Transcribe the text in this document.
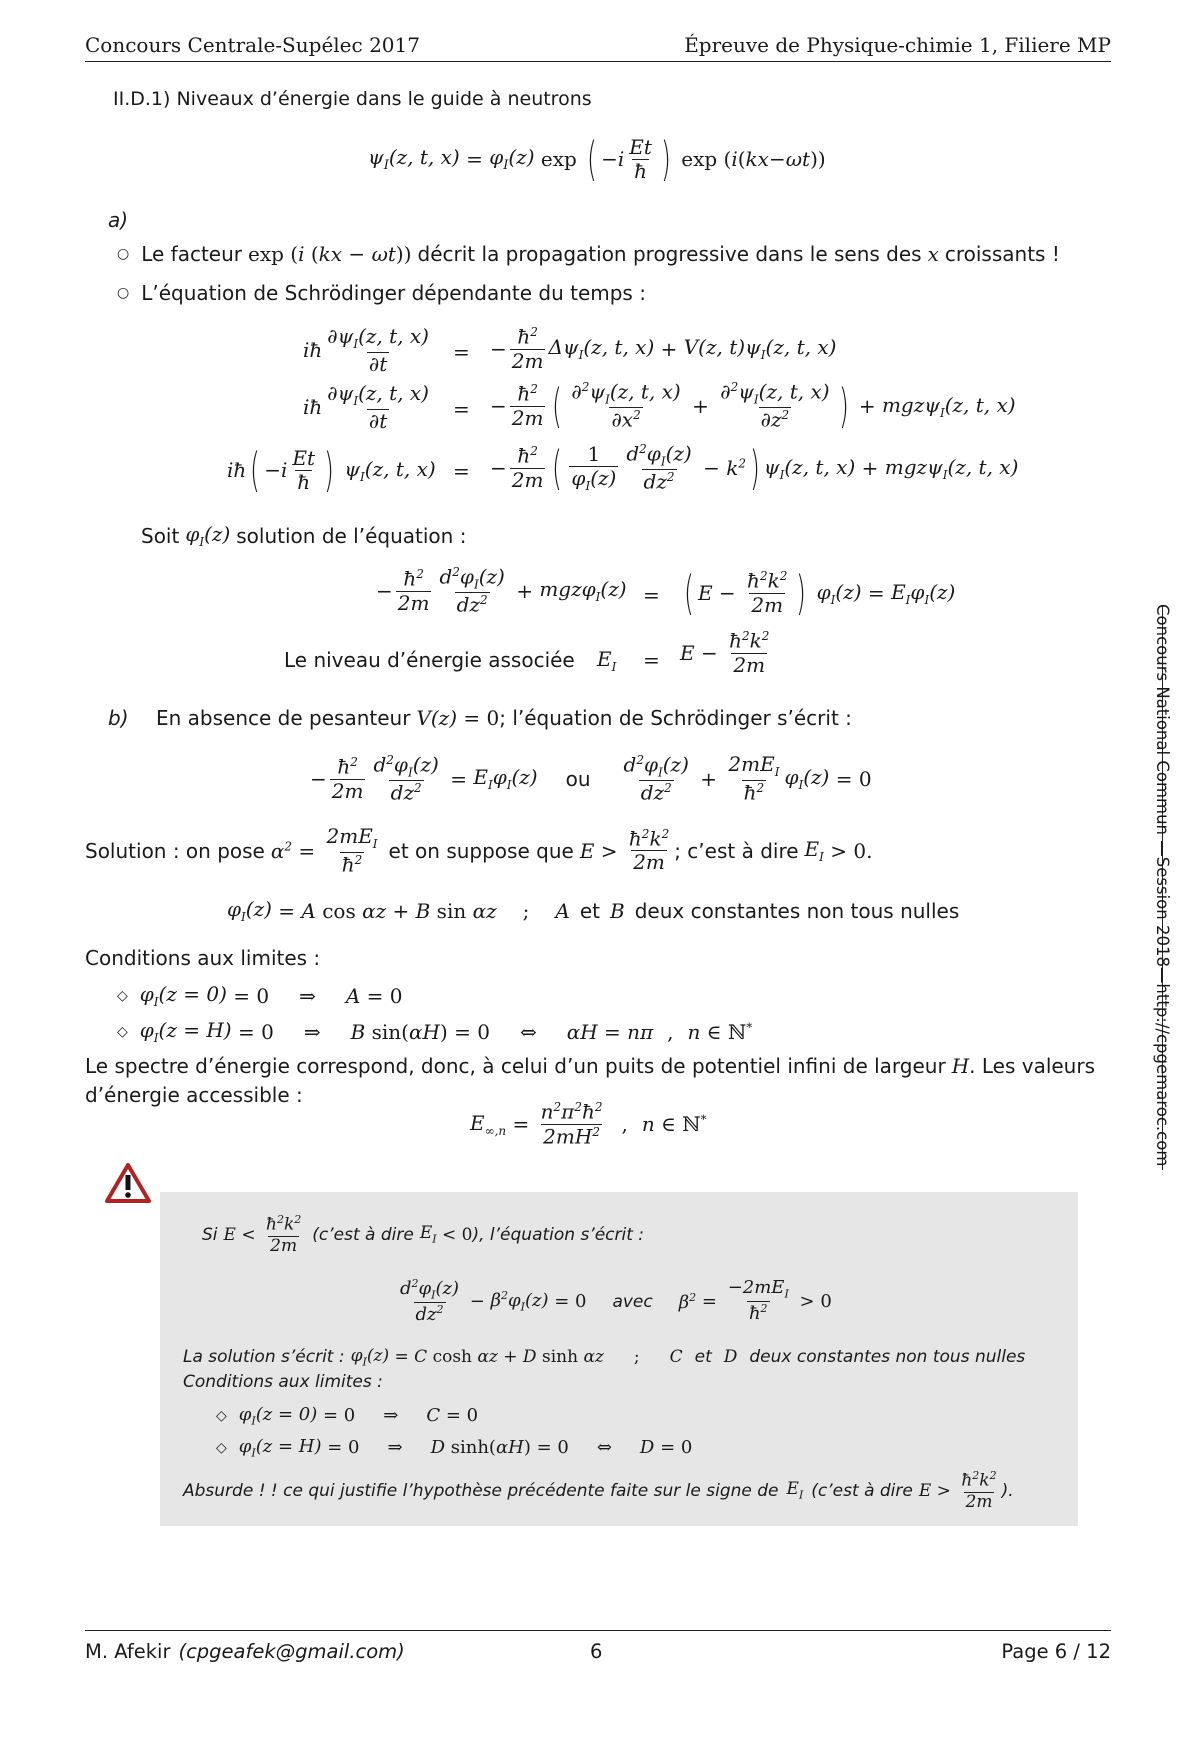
Concours Centrale-Supélec 2017	Épreuve de Physique-chimie 1, Filiere MP
II.D.1) Niveaux d’énergie dans le guide à neutrons
$\psi_I(z$, t, $x) = \varphi_I(z)$ exp ( − i
Et
ħ ) exp ( i ( kx − ωt ))
a)
○ Le facteur exp (i (kx − ωt)) décrit la propagation progressive dans le sens des x croissants !
○ L’équation de Schrödinger dépendante du temps :
iħ
$\partial\psi_I(z$, t, x)
∂t	= − $\frac{ħ^2}{2m} \Delta\psi_I(z$, t, x) + V(z, $t)\psi_I(z$, t, x)
iħ
$\partial\psi_I(z$, t, x)
∂t	= − $\frac{ħ^2}{2m}$ ( $\partial^2\psi_I(z$, t, x)
$\partial x^2 + \frac{\partial^2\psi_I(z, t, x)}{\partial z^2}$ ) + mgzψ$_I$(z, t, x)
iħ ( − i
Et
ħ ) $\psi_I(z$, t, x) = − $\frac{ħ^2}{2m}$ ( 1
$\varphi_I(z)$
$d^2\varphi_I(z)$
$dz^2 - k^2$ ) $\psi_I(z$, t, x) + mgzψ$_I$(z, t, x)
Soit $\varphi_I(z)$ solution de l’équation :
− $\frac{ħ^2}{2m} d^2\varphi_I(z)$
$dz^2 + mgz\varphi_I(z)$ = ( $E - \frac{ħ^2k^2}{2m}$ ) $\varphi_I(z) = E_I\varphi_I(z)$
Le niveau d’énergie associée $E_I = E - \frac{ħ^2k^2}{2m}$
b) En absence de pesanteur V(z) = 0 ; l’équation de Schrödinger s’écrit :
− $\frac{ħ^2}{2m} \frac{d^2\varphi_I(z)}{dz^2} = E_I\varphi_I(z)$ ou
$d^2\varphi_I(z)$
$dz^2$ +
$2mE_I$
$ħ^2$ $\varphi_I(z) = 0$
Solution : on pose $\alpha^2$ =
$2mE_I$
$ħ^2$ et on suppose que E >
$ħ^2k^2$
2m ; c’est à dire $E_I > 0$.
$\varphi_I(z) = A$ cos αz + B sin αz ; A et B deux constantes non tous nulles
Conditions aux limites :
◇ $\varphi_I(z = 0) = 0$ ⇒ A = 0
◇ $\varphi_I(z = H) = 0$ ⇒ B sin( αH ) = 0 ⇔ αH = nπ , n ∈ ℕ*
Le spectre d’énergie correspond, donc, à celui d’un puits de potentiel infini de largeur H . Les valeurs
d’énergie accessible :
$E_{\infty,n} = \frac{n^2\pi^2ħ^2}{2mH^2}$ , n ∈ ℕ*
Si E <
$ħ^2k^2$
2m
(c’est à dire $E_I < 0$ ), l’équation s’écrit :
$d^2\varphi_I(z)$
$dz^2 - \beta^2\varphi_I(z) = 0$ avec $\beta^2$ =
$-2mE_I$
$ħ^2 > 0$
La solution s’écrit : $\varphi_I(z) = C$ cosh αz + D sinh αz ; C et D deux constantes non tous nulles
Conditions aux limites :
◇ $\varphi_I(z = 0) = 0$ ⇒ C = 0
◇ $\varphi_I(z = H) = 0$ ⇒ D sinh( αH ) = 0 ⇔ D = 0
Absurde ! ! ce qui justifie l’hypothèse précédente faite sur le signe de $E_I$ (c’est à dire E >
$ħ^2k^2$
2m
).
Concours National Commun —Session 2018—http://cpgemaroc.com
M. Afekir (cpgeafek@gmail.com)	6	Page 6 / 12
